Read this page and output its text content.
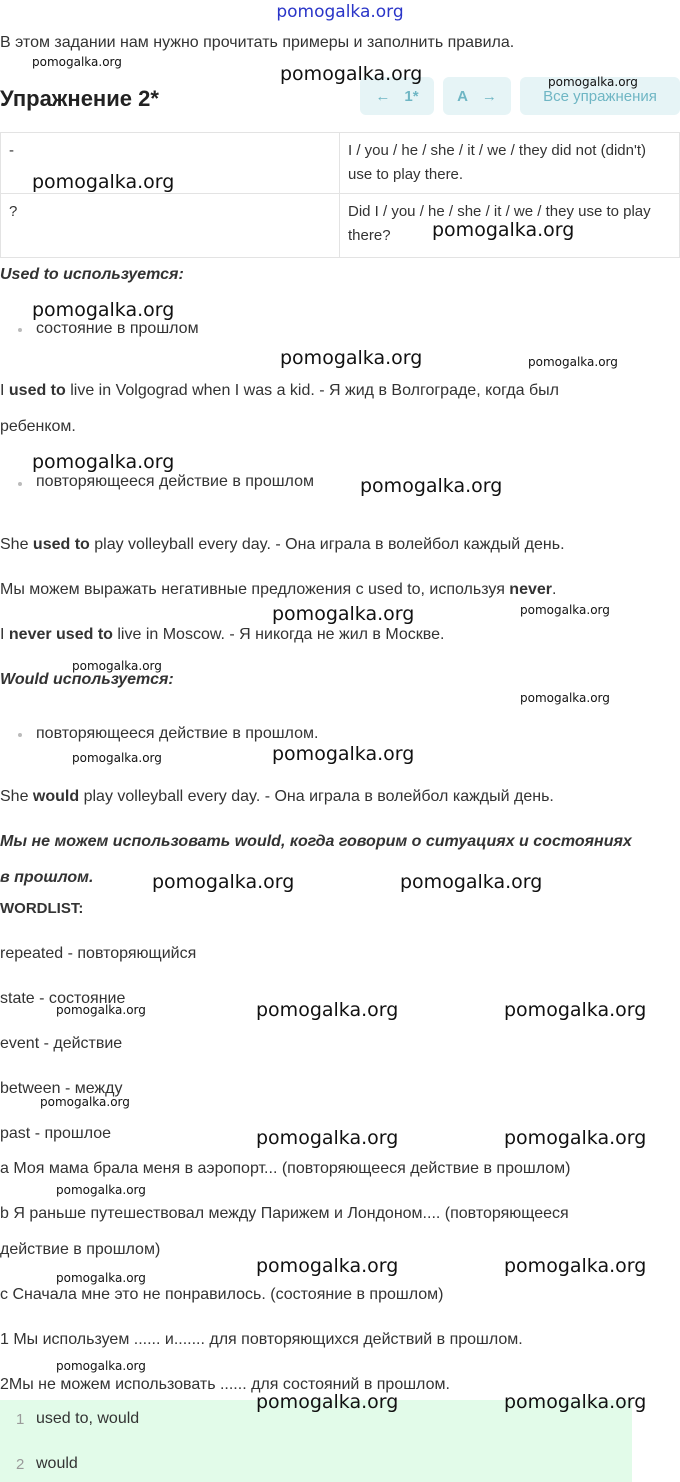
pomogalka.org
В этом задании нам нужно прочитать примеры и заполнить правила.
Упражнение 2*	← 1*	A →	Все упражнения
-	I / you / he / she / it / we / they did not (didn't) use to play there.
?	Did I / you / he / she / it / we / they use to play there?
Used to используется:
состояние в прошлом
I used to live in Volgograd when I was a kid. - Я жид в Волгограде, когда был
ребенком.
повторяющееся действие в прошлом
She used to play volleyball every day. - Она играла в волейбол каждый день.
Мы можем выражать негативные предложения с used to, используя never.
I never used to live in Moscow. - Я никогда не жил в Москве.
Would используется:
повторяющееся действие в прошлом.
She would play volleyball every day. - Она играла в волейбол каждый день.
Мы не можем использовать would, когда говорим о ситуациях и состояниях
в прошлом.
WORDLIST:
repeated - повторяющийся
state - состояние
event - действие
between - между
past - прошлое
a Моя мама брала меня в аэропорт... (повторяющееся действие в прошлом)
b Я раньше путешествовал между Парижем и Лондоном.... (повторяющееся
действие в прошлом)
c Сначала мне это не понравилось. (состояние в прошлом)
1 Мы используем ...... и....... для повторяющихся действий в прошлом.
2Мы не можем использовать ...... для состояний в прошлом.
1 used to, would
2 would
pomogalka.org
pomogalka.org	pomogalka.org
pomogalka.org
pomogalka.org
pomogalka.org
pomogalka.org	pomogalka.org
pomogalka.org
pomogalka.org
pomogalka.org	pomogalka.org
pomogalka.org
pomogalka.org
pomogalka.org	pomogalka.org
pomogalka.org	pomogalka.org
pomogalka.org	pomogalka.org	pomogalka.org
pomogalka.org
pomogalka.org	pomogalka.org
pomogalka.org
pomogalka.org	pomogalka.org
pomogalka.org
pomogalka.org
pomogalka.org	pomogalka.org
